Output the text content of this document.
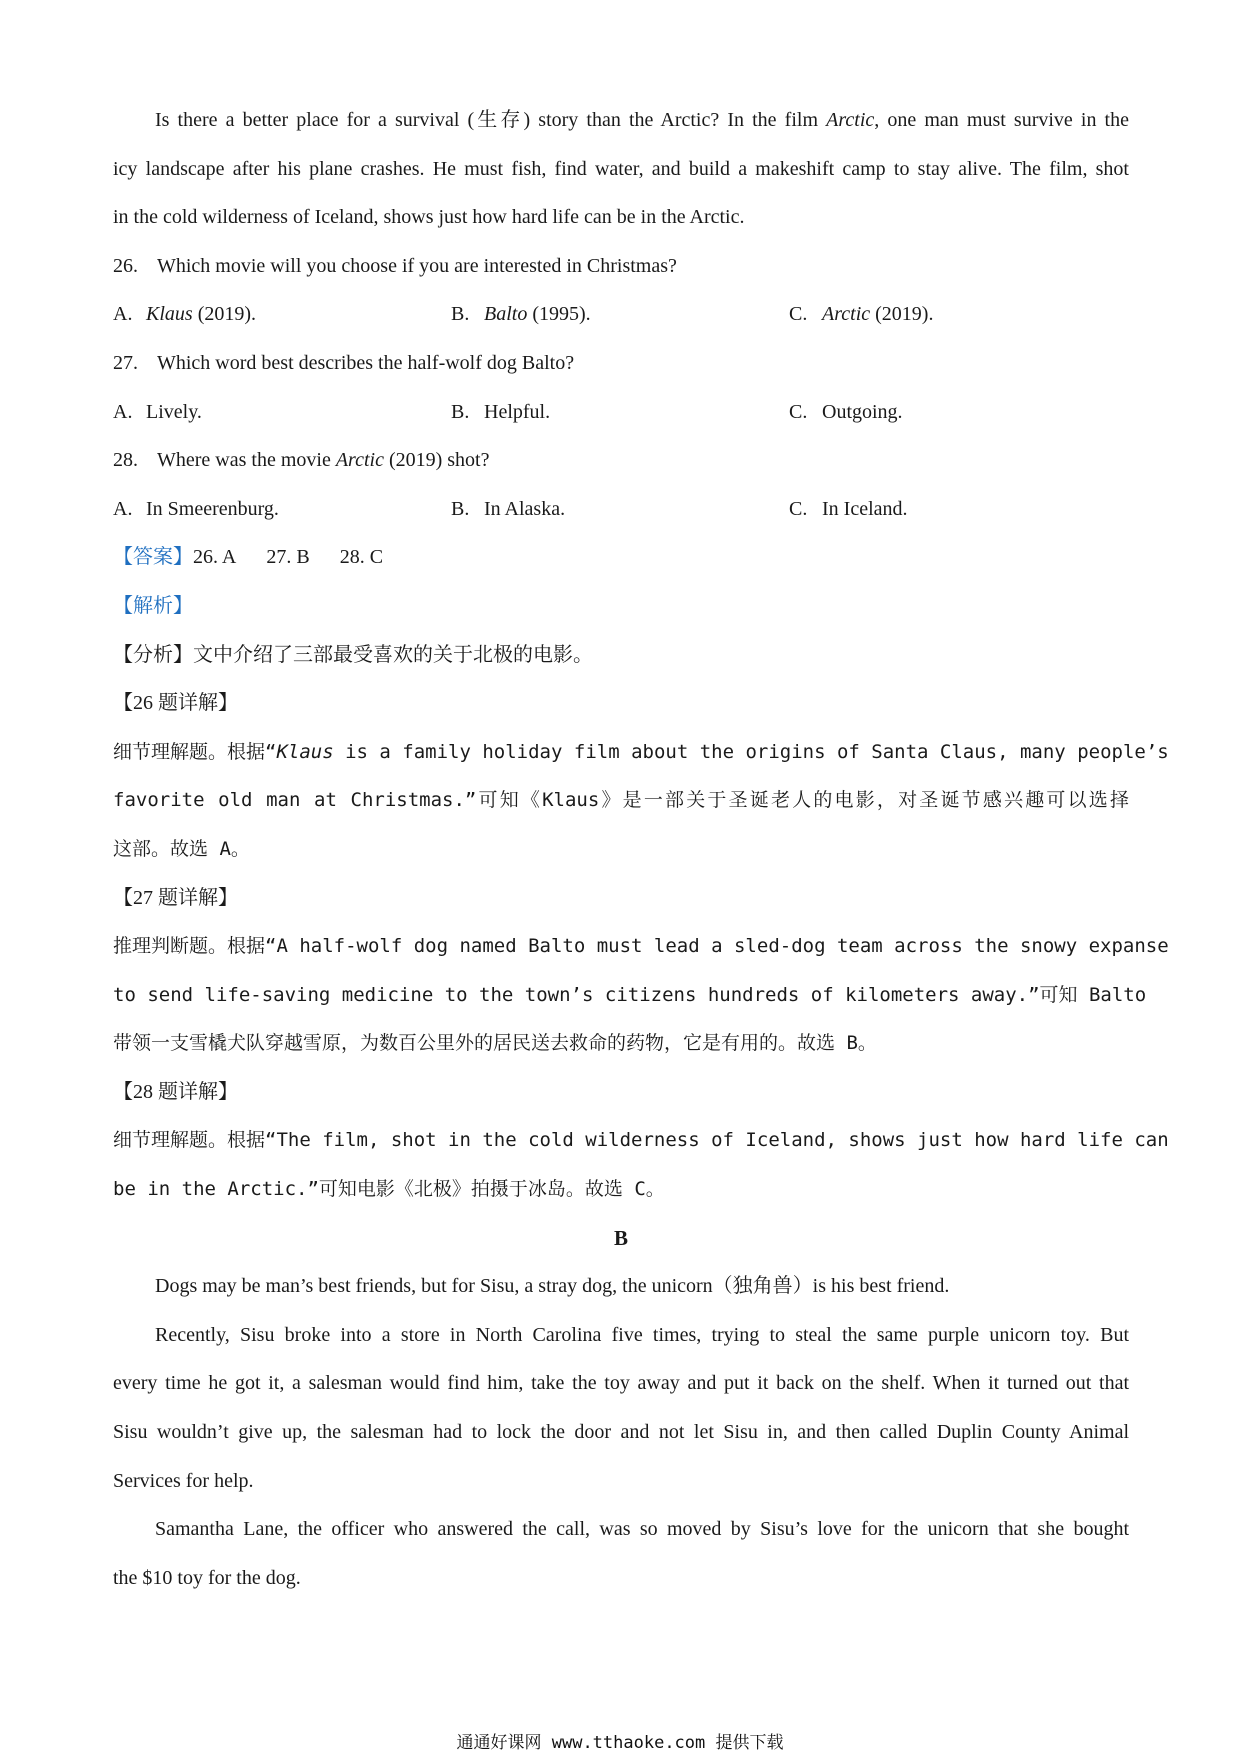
Is there a better place for a survival (生存) story than the Arctic? In the film Arctic, one man must survive in the
icy landscape after his plane crashes. He must fish, find water, and build a makeshift camp to stay alive. The film, shot
in the cold wilderness of Iceland, shows just how hard life can be in the Arctic.
26. Which movie will you choose if you are interested in Christmas?
A. Klaus (2019).	B. Balto (1995).	C. Arctic (2019).
27. Which word best describes the half-wolf dog Balto?
A. Lively.	B. Helpful.	C. Outgoing.
28. Where was the movie Arctic (2019) shot?
A. In Smeerenburg.	B. In Alaska.	C. In Iceland.
【答案】26. A 27. B 28. C
【解析】
【分析】文中介绍了三部最受喜欢的关于北极的电影。
【26 题详解】
细节理解题。根据“Klaus is a family holiday film about the origins of Santa Claus, many people’s
favorite old man at Christmas.”可知《Klaus》是一部关于圣诞老人的电影，对圣诞节感兴趣可以选择
这部。故选 A。
【27 题详解】
推理判断题。根据“A half-wolf dog named Balto must lead a sled-dog team across the snowy expanse
to send life-saving medicine to the town’s citizens hundreds of kilometers away.”可知 Balto
带领一支雪橇犬队穿越雪原，为数百公里外的居民送去救命的药物，它是有用的。故选 B。
【28 题详解】
细节理解题。根据“The film, shot in the cold wilderness of Iceland, shows just how hard life can
be in the Arctic.”可知电影《北极》拍摄于冰岛。故选 C。
B
Dogs may be man’s best friends, but for Sisu, a stray dog, the unicorn（独角兽）is his best friend.
Recently, Sisu broke into a store in North Carolina five times, trying to steal the same purple unicorn toy. But
every time he got it, a salesman would find him, take the toy away and put it back on the shelf. When it turned out that
Sisu wouldn’t give up, the salesman had to lock the door and not let Sisu in, and then called Duplin County Animal
Services for help.
Samantha Lane, the officer who answered the call, was so moved by Sisu’s love for the unicorn that she bought
the $10 toy for the dog.
通通好课网 www.tthaoke.com 提供下载
